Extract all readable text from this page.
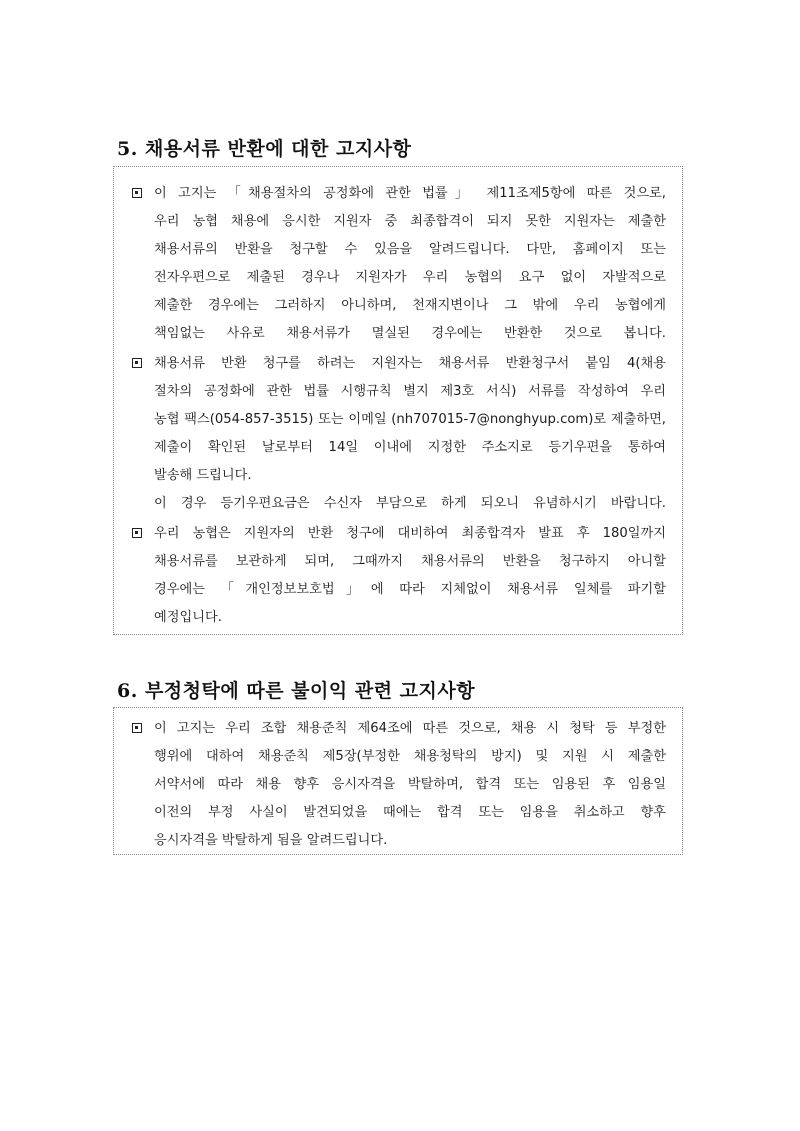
5. 채용서류 반환에 대한 고지사항
이 고지는 「채용절차의 공정화에 관한 법률」 제11조제5항에 따른 것으로,
우리 농협 채용에 응시한 지원자 중 최종합격이 되지 못한 지원자는 제출한
채용서류의 반환을 청구할 수 있음을 알려드립니다. 다만, 홈페이지 또는
전자우편으로 제출된 경우나 지원자가 우리 농협의 요구 없이 자발적으로
제출한 경우에는 그러하지 아니하며, 천재지변이나 그 밖에 우리 농협에게
책임없는 사유로 채용서류가 멸실된 경우에는 반환한 것으로 봅니다.
채용서류 반환 청구를 하려는 지원자는 채용서류 반환청구서 붙임 4(채용
절차의 공정화에 관한 법률 시행규칙 별지 제3호 서식) 서류를 작성하여 우리
농협 팩스(054-857-3515) 또는 이메일 (nh707015-7@nonghyup.com)로 제출하면,
제출이 확인된 날로부터 14일 이내에 지정한 주소지로 등기우편을 통하여
발송해 드립니다.
이 경우 등기우편요금은 수신자 부담으로 하게 되오니 유념하시기 바랍니다.
우리 농협은 지원자의 반환 청구에 대비하여 최종합격자 발표 후 180일까지
채용서류를 보관하게 되며, 그때까지 채용서류의 반환을 청구하지 아니할
경우에는 「개인정보보호법」에 따라 지체없이 채용서류 일체를 파기할
예정입니다.
6. 부정청탁에 따른 불이익 관련 고지사항
이 고지는 우리 조합 채용준칙 제64조에 따른 것으로, 채용 시 청탁 등 부정한
행위에 대하여 채용준칙 제5장(부정한 채용청탁의 방지) 및 지원 시 제출한
서약서에 따라 채용 향후 응시자격을 박탈하며, 합격 또는 임용된 후 임용일
이전의 부정 사실이 발견되었을 때에는 합격 또는 임용을 취소하고 향후
응시자격을 박탈하게 됨을 알려드립니다.
